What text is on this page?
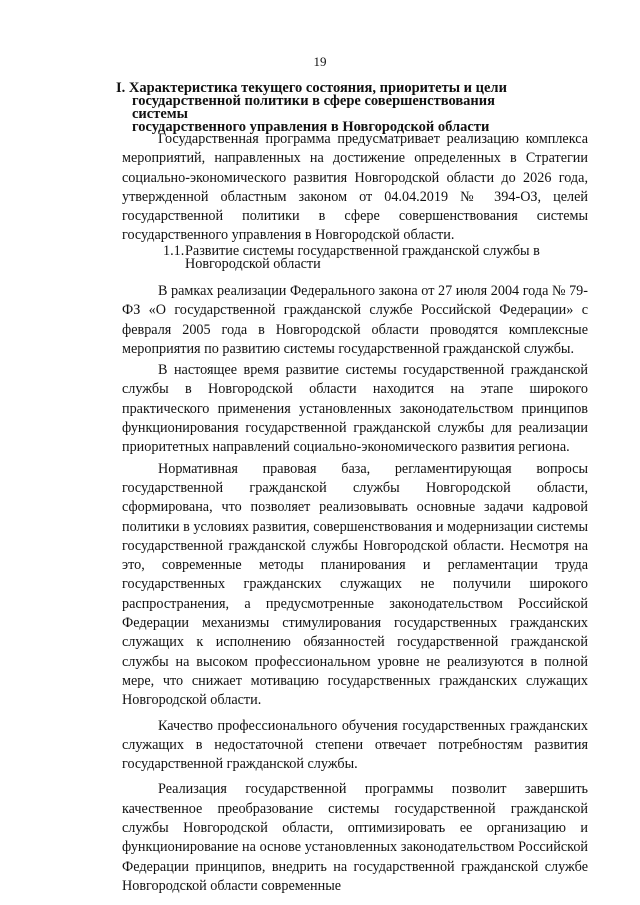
19
I. Характеристика текущего состояния, приоритеты и цели
государственной политики в сфере совершенствования системы
государственного управления в Новгородской области

Государственная программа предусматривает реализацию комплекса мероприятий, направленных на достижение определенных в Стратегии социально-экономического развития Новгородской области до 2026 года, утвержденной областным законом от 04.04.2019 № 394-ОЗ, целей государственной политики в сфере совершенствования системы государственного управления в Новгородской области.

1.1.Развитие системы государственной гражданской службы в
Новгородской области

В рамках реализации Федерального закона от 27 июля 2004 года № 79-ФЗ «О государственной гражданской службе Российской Федерации» с февраля 2005 года в Новгородской области проводятся комплексные мероприятия по развитию системы государственной гражданской службы.

В настоящее время развитие системы государственной гражданской службы в Новгородской области находится на этапе широкого практического применения установленных законодательством принципов функционирования государственной гражданской службы для реализации приоритетных направлений социально-экономического развития региона.

Нормативная правовая база, регламентирующая вопросы государственной гражданской службы Новгородской области, сформирована, что позволяет реализовывать основные задачи кадровой политики в условиях развития, совершенствования и модернизации системы государственной гражданской службы Новгородской области. Несмотря на это, современные методы планирования и регламентации труда государственных гражданских служащих не получили широкого распространения, а предусмотренные законодательством Российской Федерации механизмы стимулирования государственных гражданских служащих к исполнению обязанностей государственной гражданской службы на высоком профессиональном уровне не реализуются в полной мере, что снижает мотивацию государственных гражданских служащих Новгородской области.

Качество профессионального обучения государственных гражданских служащих в недостаточной степени отвечает потребностям развития государственной гражданской службы.

Реализация государственной программы позволит завершить качественное преобразование системы государственной гражданской службы Новгородской области, оптимизировать ее организацию и функционирование на основе установленных законодательством Российской Федерации принципов, внедрить на государственной гражданской службе Новгородской области современные
